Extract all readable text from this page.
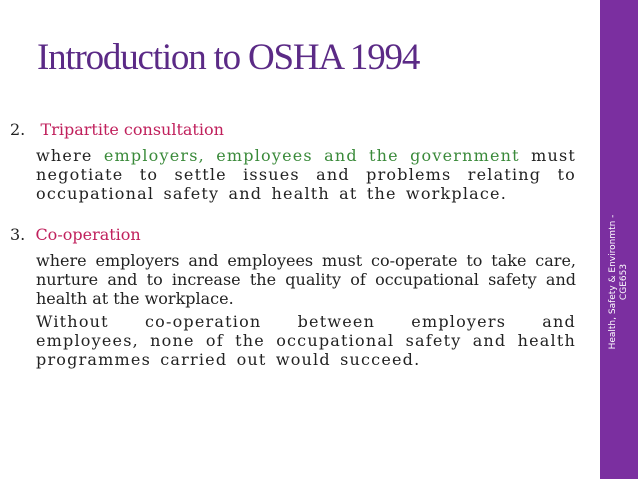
Introduction to OSHA 1994
Health, Safety & Environmtn - CGE653

2. Tripartite consultation

where employers, employees and the government must negotiate to settle issues and problems relating to occupational safety and health at the workplace.

3. Co-operation

where employers and employees must co-operate to take care, nurture and to increase the quality of occupational safety and health at the workplace.

Without co-operation between employers and employees, none of the occupational safety and health programmes carried out would succeed.
